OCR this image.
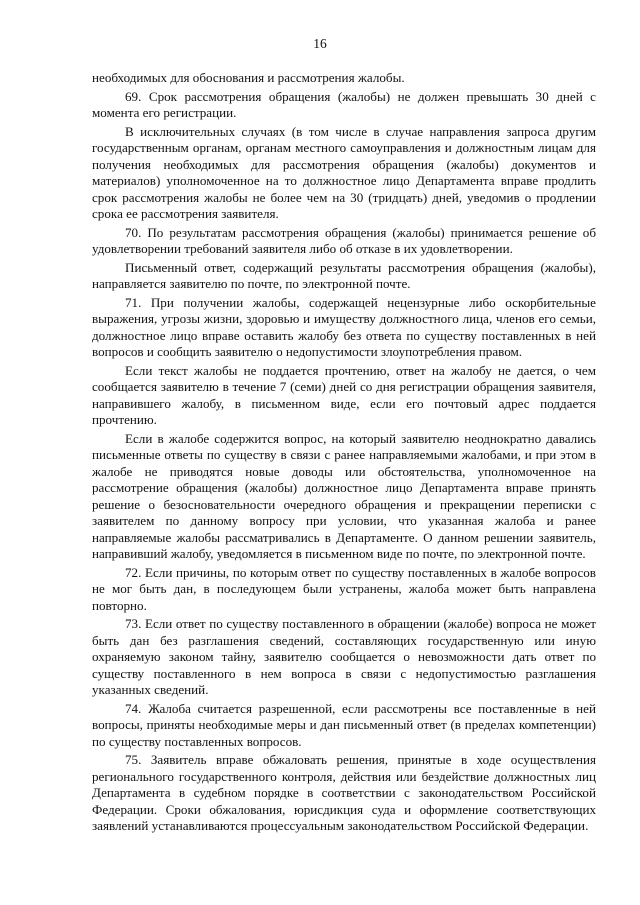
16

необходимых для обоснования и рассмотрения жалобы.

69. Срок рассмотрения обращения (жалобы) не должен превышать 30 дней с момента его регистрации.

В исключительных случаях (в том числе в случае направления запроса другим государственным органам, органам местного самоуправления и должностным лицам для получения необходимых для рассмотрения обращения (жалобы) документов и материалов) уполномоченное на то должностное лицо Департамента вправе продлить срок рассмотрения жалобы не более чем на 30 (тридцать) дней, уведомив о продлении срока ее рассмотрения заявителя.

70. По результатам рассмотрения обращения (жалобы) принимается решение об удовлетворении требований заявителя либо об отказе в их удовлетворении.

Письменный ответ, содержащий результаты рассмотрения обращения (жалобы), направляется заявителю по почте, по электронной почте.

71. При получении жалобы, содержащей нецензурные либо оскорбительные выражения, угрозы жизни, здоровью и имуществу должностного лица, членов его семьи, должностное лицо вправе оставить жалобу без ответа по существу поставленных в ней вопросов и сообщить заявителю о недопустимости злоупотребления правом.

Если текст жалобы не поддается прочтению, ответ на жалобу не дается, о чем сообщается заявителю в течение 7 (семи) дней со дня регистрации обращения заявителя, направившего жалобу, в письменном виде, если его почтовый адрес поддается прочтению.

Если в жалобе содержится вопрос, на который заявителю неоднократно давались письменные ответы по существу в связи с ранее направляемыми жалобами, и при этом в жалобе не приводятся новые доводы или обстоятельства, уполномоченное на рассмотрение обращения (жалобы) должностное лицо Департамента вправе принять решение о безосновательности очередного обращения и прекращении переписки с заявителем по данному вопросу при условии, что указанная жалоба и ранее направляемые жалобы рассматривались в Департаменте. О данном решении заявитель, направивший жалобу, уведомляется в письменном виде по почте, по электронной почте.

72. Если причины, по которым ответ по существу поставленных в жалобе вопросов не мог быть дан, в последующем были устранены, жалоба может быть направлена повторно.

73. Если ответ по существу поставленного в обращении (жалобе) вопроса не может быть дан без разглашения сведений, составляющих государственную или иную охраняемую законом тайну, заявителю сообщается о невозможности дать ответ по существу поставленного в нем вопроса в связи с недопустимостью разглашения указанных сведений.

74. Жалоба считается разрешенной, если рассмотрены все поставленные в ней вопросы, приняты необходимые меры и дан письменный ответ (в пределах компетенции) по существу поставленных вопросов.

75. Заявитель вправе обжаловать решения, принятые в ходе осуществления регионального государственного контроля, действия или бездействие должностных лиц Департамента в судебном порядке в соответствии с законодательством Российской Федерации. Сроки обжалования, юрисдикция суда и оформление соответствующих заявлений устанавливаются процессуальным законодательством Российской Федерации.
